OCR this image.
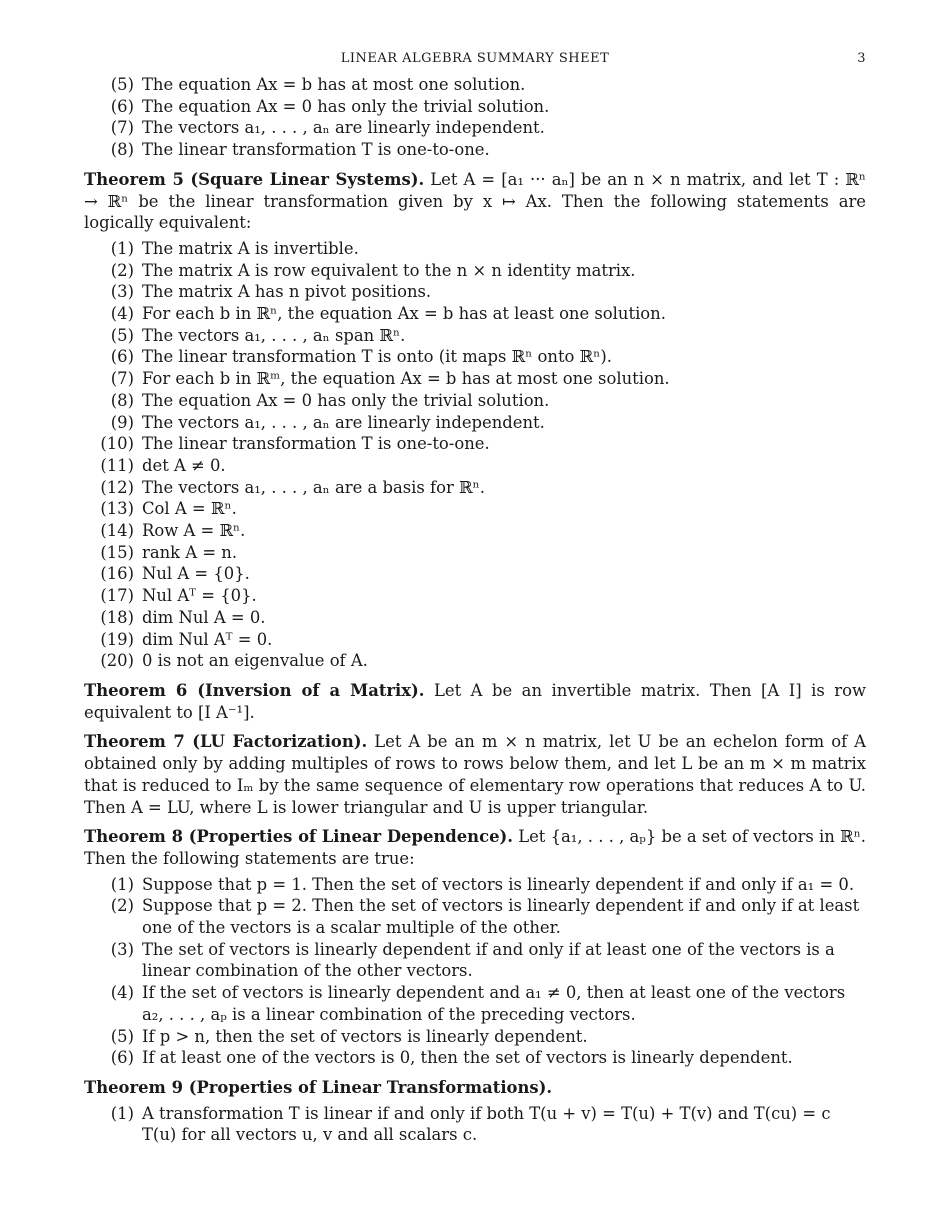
LINEAR ALGEBRA SUMMARY SHEET	3
(5) The equation Ax = b has at most one solution.
(6) The equation Ax = 0 has only the trivial solution.
(7) The vectors a₁, . . . , aₙ are linearly independent.
(8) The linear transformation T is one-to-one.

Theorem 5 (Square Linear Systems). Let A = [a₁ ··· aₙ] be an n × n matrix, and let T : ℝⁿ → ℝⁿ be the linear transformation given by x ↦ Ax. Then the following statements are logically equivalent:

(1) The matrix A is invertible.
(2) The matrix A is row equivalent to the n × n identity matrix.
(3) The matrix A has n pivot positions.
(4) For each b in ℝⁿ, the equation Ax = b has at least one solution.
(5) The vectors a₁, . . . , aₙ span ℝⁿ.
(6) The linear transformation T is onto (it maps ℝⁿ onto ℝⁿ).
(7) For each b in ℝᵐ, the equation Ax = b has at most one solution.
(8) The equation Ax = 0 has only the trivial solution.
(9) The vectors a₁, . . . , aₙ are linearly independent.
(10) The linear transformation T is one-to-one.
(11) det A ≠ 0.
(12) The vectors a₁, . . . , aₙ are a basis for ℝⁿ.
(13) Col A = ℝⁿ.
(14) Row A = ℝⁿ.
(15) rank A = n.
(16) Nul A = {0}.
(17) Nul Aᵀ = {0}.
(18) dim Nul A = 0.
(19) dim Nul Aᵀ = 0.
(20) 0 is not an eigenvalue of A.

Theorem 6 (Inversion of a Matrix). Let A be an invertible matrix. Then [A I] is row equivalent to [I A⁻¹].

Theorem 7 (LU Factorization). Let A be an m × n matrix, let U be an echelon form of A obtained only by adding multiples of rows to rows below them, and let L be an m × m matrix that is reduced to Iₘ by the same sequence of elementary row operations that reduces A to U. Then A = LU, where L is lower triangular and U is upper triangular.

Theorem 8 (Properties of Linear Dependence). Let {a₁, . . . , aₚ} be a set of vectors in ℝⁿ. Then the following statements are true:

(1) Suppose that p = 1. Then the set of vectors is linearly dependent if and only if a₁ = 0.
(2) Suppose that p = 2. Then the set of vectors is linearly dependent if and only if at least one of the vectors is a scalar multiple of the other.
(3) The set of vectors is linearly dependent if and only if at least one of the vectors is a linear combination of the other vectors.
(4) If the set of vectors is linearly dependent and a₁ ≠ 0, then at least one of the vectors a₂, . . . , aₚ is a linear combination of the preceding vectors.
(5) If p > n, then the set of vectors is linearly dependent.
(6) If at least one of the vectors is 0, then the set of vectors is linearly dependent.

Theorem 9 (Properties of Linear Transformations).

(1) A transformation T is linear if and only if both T(u + v) = T(u) + T(v) and T(cu) = c T(u) for all vectors u, v and all scalars c.
